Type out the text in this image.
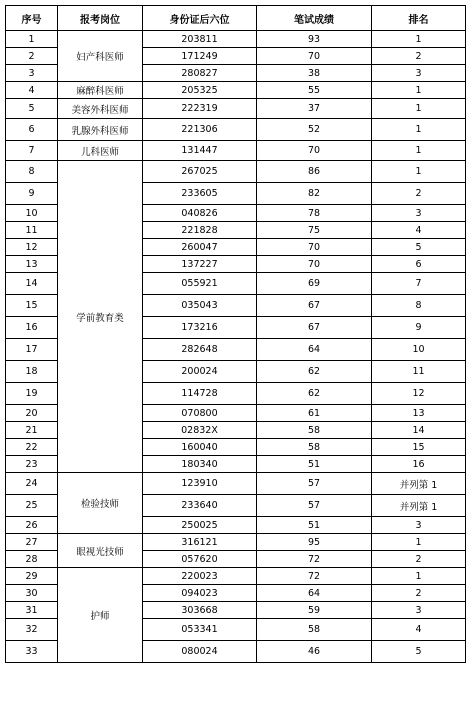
序号	报考岗位	身份证后六位	笔试成绩	排名
1	妇产科医师	203811	93	1
2		171249	70	2
3		280827	38	3
4	麻醉科医师	205325	55	1
5	美容外科医师	222319	37	1
6	乳腺外科医师	221306	52	1
7	儿科医师	131447	70	1
8	学前教育类	267025	86	1
9		233605	82	2
10		040826	78	3
11		221828	75	4
12		260047	70	5
13		137227	70	6
14		055921	69	7
15		035043	67	8
16		173216	67	9
17		282648	64	10
18		200024	62	11
19		114728	62	12
20		070800	61	13
21		02832X	58	14
22		160040	58	15
23		180340	51	16
24	检验技师	123910	57	并列第 1
25		233640	57	并列第 1
26		250025	51	3
27	眼视光技师	316121	95	1
28		057620	72	2
29	护师	220023	72	1
30		094023	64	2
31		303668	59	3
32		053341	58	4
33		080024	46	5
